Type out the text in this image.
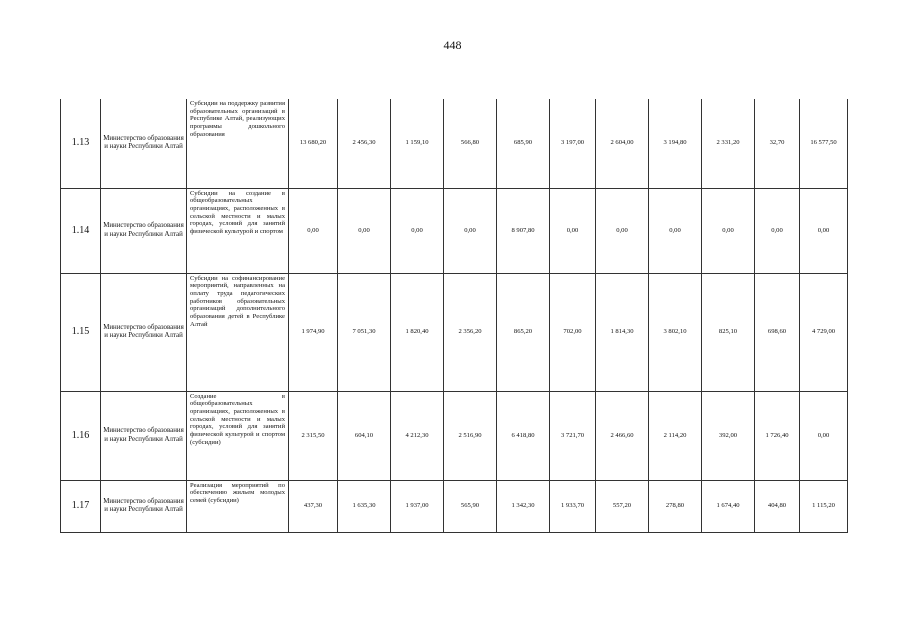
448
1.13	Министерство образования и науки Республики Алтай	Субсидии на поддержку развития образовательных организаций в Республике Алтай, реализующих программы дошкольного образования	13 680,20	2 456,30	1 159,10	566,80	685,90	3 197,00	2 604,00	3 194,80	2 331,20	32,70	16 577,50
1.14	Министерство образования и науки Республики Алтай	Субсидии на создание в общеобразовательных организациях, расположенных в сельской местности и малых городах, условий для занятий физической культурой и спортом	0,00	0,00	0,00	0,00	8 907,80	0,00	0,00	0,00	0,00	0,00	0,00
1.15	Министерство образования и науки Республики Алтай	Субсидии на софинансирование мероприятий, направленных на оплату труда педагогических работников образовательных организаций дополнительного образования детей в Республике Алтай	1 974,90	7 051,30	1 820,40	2 356,20	865,20	702,00	1 814,30	3 802,10	825,10	698,60	4 729,00
1.16	Министерство образования и науки Республики Алтай	Создание в общеобразовательных организациях, расположенных в сельской местности и малых городах, условий для занятий физической культурой и спортом (субсидии)	2 315,50	604,10	4 212,30	2 516,90	6 418,80	3 721,70	2 466,60	2 114,20	392,00	1 726,40	0,00
1.17	Министерство образования и науки Республики Алтай	Реализация мероприятий по обеспечению жильем молодых семей (субсидии)	437,30	1 635,30	1 937,00	565,90	1 342,30	1 933,70	557,20	278,80	1 674,40	404,80	1 115,20
